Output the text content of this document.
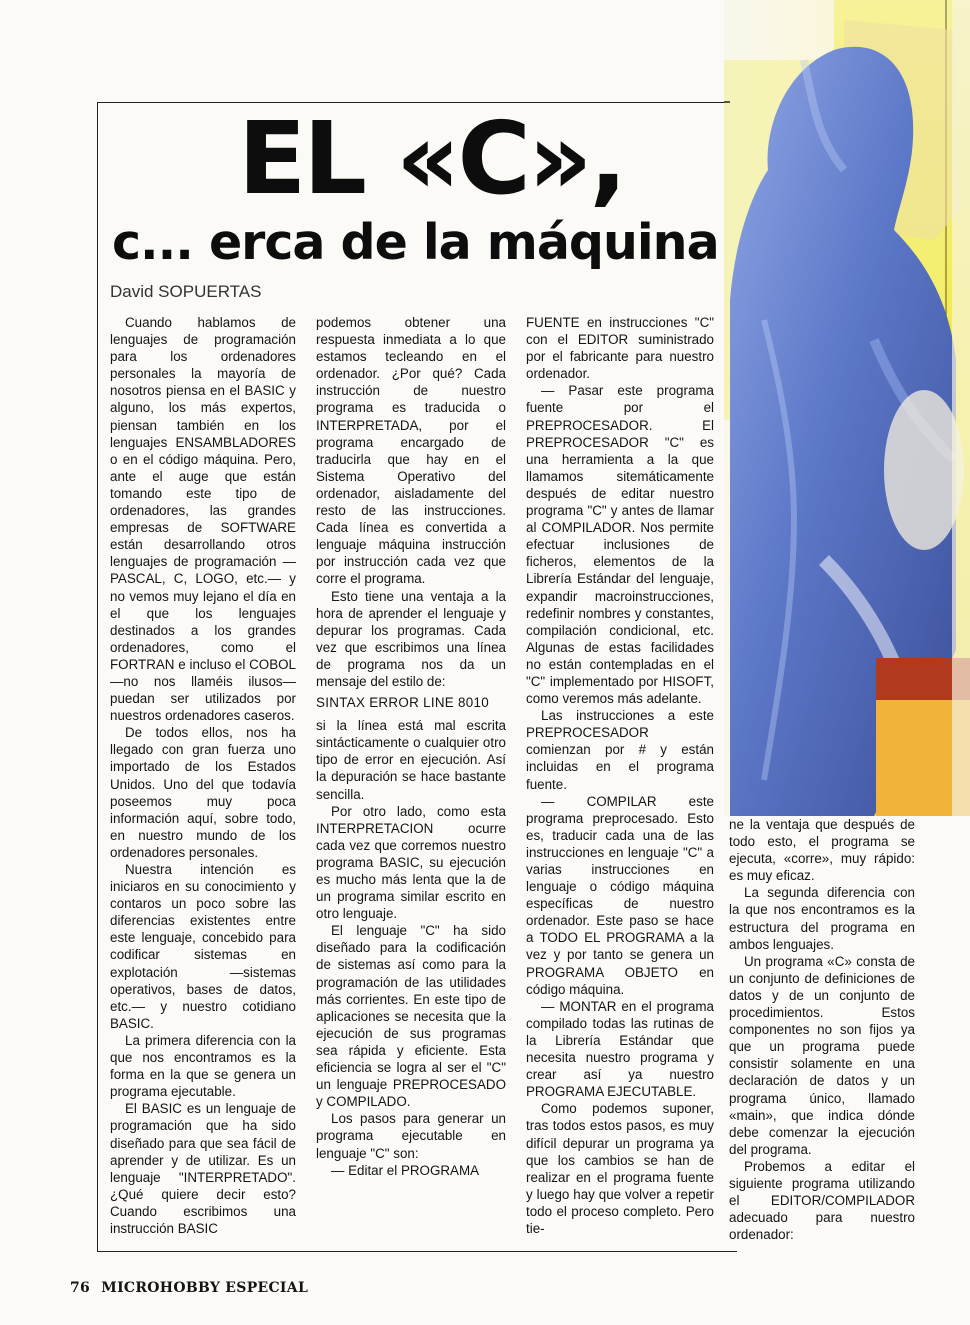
EL «C»,
c... erca de la máquina
David SOPUERTAS

Cuando hablamos de lenguajes de programación para los ordenadores personales la mayoría de nosotros piensa en el BASIC y alguno, los más expertos, piensan también en los lenguajes ENSAMBLADORES o en el código máquina. Pero, ante el auge que están tomando este tipo de ordenadores, las grandes empresas de SOFTWARE están desarrollando otros lenguajes de programación —PASCAL, C, LOGO, etc.— y no vemos muy lejano el día en el que los lenguajes destinados a los grandes ordenadores, como el FORTRAN e incluso el COBOL —no nos llaméis ilusos— puedan ser utilizados por nuestros ordenadores caseros.

De todos ellos, nos ha llegado con gran fuerza uno importado de los Estados Unidos. Uno del que todavía poseemos muy poca información aquí, sobre todo, en nuestro mundo de los ordenadores personales.

Nuestra intención es iniciaros en su conocimiento y contaros un poco sobre las diferencias existentes entre este lenguaje, concebido para codificar sistemas en explotación —sistemas operativos, bases de datos, etc.— y nuestro cotidiano BASIC.

La primera diferencia con la que nos encontramos es la forma en la que se genera un programa ejecutable.

El BASIC es un lenguaje de programación que ha sido diseñado para que sea fácil de aprender y de utilizar. Es un lenguaje "INTERPRETADO". ¿Qué quiere decir esto? Cuando escribimos una instrucción BASIC

podemos obtener una respuesta inmediata a lo que estamos tecleando en el ordenador. ¿Por qué? Cada instrucción de nuestro programa es traducida o INTERPRETADA, por el programa encargado de traducirla que hay en el Sistema Operativo del ordenador, aisladamente del resto de las instrucciones. Cada línea es convertida a lenguaje máquina instrucción por instrucción cada vez que corre el programa.

Esto tiene una ventaja a la hora de aprender el lenguaje y depurar los programas. Cada vez que escribimos una línea de programa nos da un mensaje del estilo de:

SINTAX ERROR LINE 8010

si la línea está mal escrita sintácticamente o cualquier otro tipo de error en ejecución. Así la depuración se hace bastante sencilla.

Por otro lado, como esta INTERPRETACION ocurre cada vez que corremos nuestro programa BASIC, su ejecución es mucho más lenta que la de un programa similar escrito en otro lenguaje.

El lenguaje "C" ha sido diseñado para la codificación de sistemas así como para la programación de las utilidades más corrientes. En este tipo de aplicaciones se necesita que la ejecución de sus programas sea rápida y eficiente. Esta eficiencia se logra al ser el "C" un lenguaje PREPROCESADO y COMPILADO.

Los pasos para generar un programa ejecutable en lenguaje "C" son:

— Editar el PROGRAMA

FUENTE en instrucciones "C" con el EDITOR suministrado por el fabricante para nuestro ordenador.

— Pasar este programa fuente por el PREPROCESADOR. El PREPROCESADOR "C" es una herramienta a la que llamamos sitemáticamente después de editar nuestro programa "C" y antes de llamar al COMPILADOR. Nos permite efectuar inclusiones de ficheros, elementos de la Librería Estándar del lenguaje, expandir macroinstrucciones, redefinir nombres y constantes, compilación condicional, etc. Algunas de estas facilidades no están contempladas en el "C" implementado por HISOFT, como veremos más adelante.

Las instrucciones a este PREPROCESADOR comienzan por # y están incluidas en el programa fuente.

— COMPILAR este programa preprocesado. Esto es, traducir cada una de las instrucciones en lenguaje "C" a varias instrucciones en lenguaje o código máquina específicas de nuestro ordenador. Este paso se hace a TODO EL PROGRAMA a la vez y por tanto se genera un PROGRAMA OBJETO en código máquina.

— MONTAR en el programa compilado todas las rutinas de la Librería Estándar que necesita nuestro programa y crear así ya nuestro PROGRAMA EJECUTABLE.

Como podemos suponer, tras todos estos pasos, es muy difícil depurar un programa ya que los cambios se han de realizar en el programa fuente y luego hay que volver a repetir todo el proceso completo. Pero tie-

ne la ventaja que después de todo esto, el programa se ejecuta, «corre», muy rápido: es muy eficaz.

La segunda diferencia con la que nos encontramos es la estructura del programa en ambos lenguajes.

Un programa «C» consta de un conjunto de definiciones de datos y de un conjunto de procedimientos. Estos componentes no son fijos ya que un programa puede consistir solamente en una declaración de datos y un programa único, llamado «main», que indica dónde debe comenzar la ejecución del programa.

Probemos a editar el siguiente programa utilizando el EDITOR/COMPILADOR adecuado para nuestro ordenador:

76 MICROHOBBY ESPECIAL
